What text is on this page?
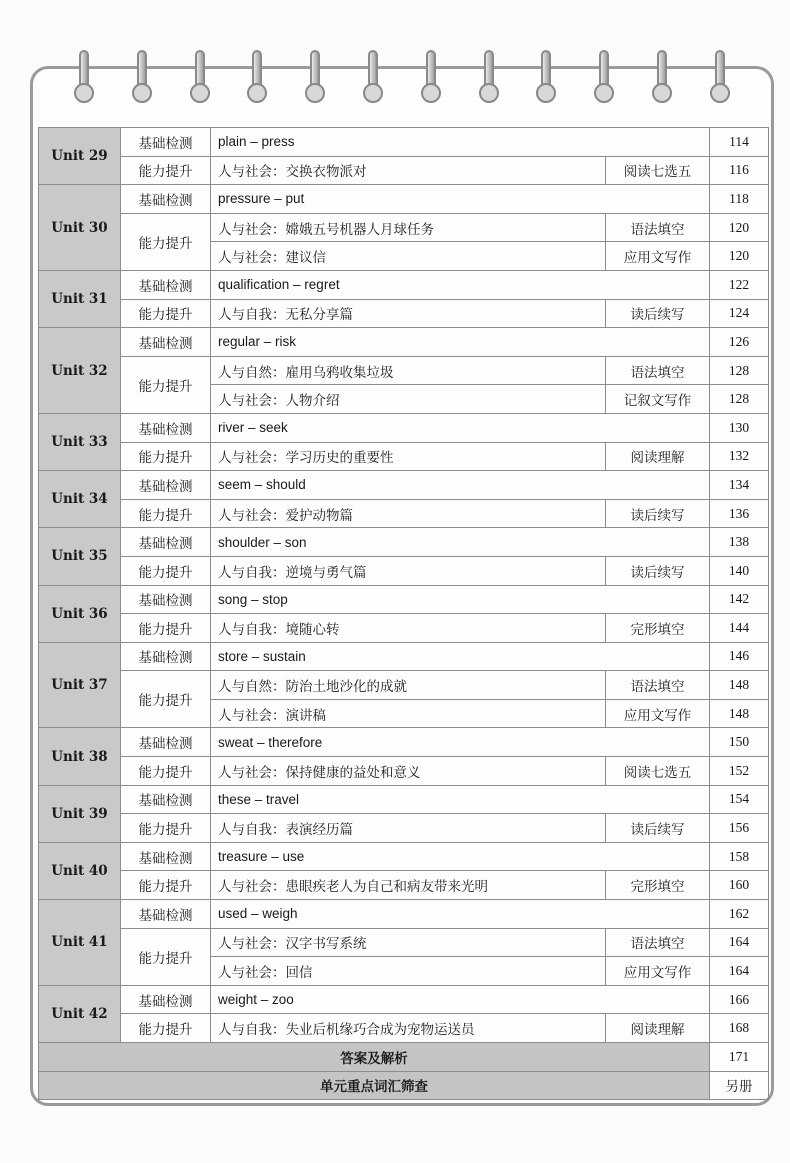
Unit 29	基础检测	plain – press		114
	能力提升	人与社会：交换衣物派对	阅读七选五	116
Unit 30	基础检测	pressure – put		118
	能力提升	人与社会：嫦娥五号机器人月球任务	语法填空	120
		人与社会：建议信	应用文写作	120
Unit 31	基础检测	qualification – regret		122
	能力提升	人与自我：无私分享篇	读后续写	124
Unit 32	基础检测	regular – risk		126
	能力提升	人与自然：雇用乌鸦收集垃圾	语法填空	128
		人与社会：人物介绍	记叙文写作	128
Unit 33	基础检测	river – seek		130
	能力提升	人与社会：学习历史的重要性	阅读理解	132
Unit 34	基础检测	seem – should		134
	能力提升	人与社会：爱护动物篇	读后续写	136
Unit 35	基础检测	shoulder – son		138
	能力提升	人与自我：逆境与勇气篇	读后续写	140
Unit 36	基础检测	song – stop		142
	能力提升	人与自我：境随心转	完形填空	144
Unit 37	基础检测	store – sustain		146
	能力提升	人与自然：防治土地沙化的成就	语法填空	148
		人与社会：演讲稿	应用文写作	148
Unit 38	基础检测	sweat – therefore		150
	能力提升	人与社会：保持健康的益处和意义	阅读七选五	152
Unit 39	基础检测	these – travel		154
	能力提升	人与自我：表演经历篇	读后续写	156
Unit 40	基础检测	treasure – use		158
	能力提升	人与社会：患眼疾老人为自己和病友带来光明	完形填空	160
Unit 41	基础检测	used – weigh		162
	能力提升	人与社会：汉字书写系统	语法填空	164
		人与社会：回信	应用文写作	164
Unit 42	基础检测	weight – zoo		166
	能力提升	人与自我：失业后机缘巧合成为宠物运送员	阅读理解	168
答案及解析				171
单元重点词汇筛查				另册
